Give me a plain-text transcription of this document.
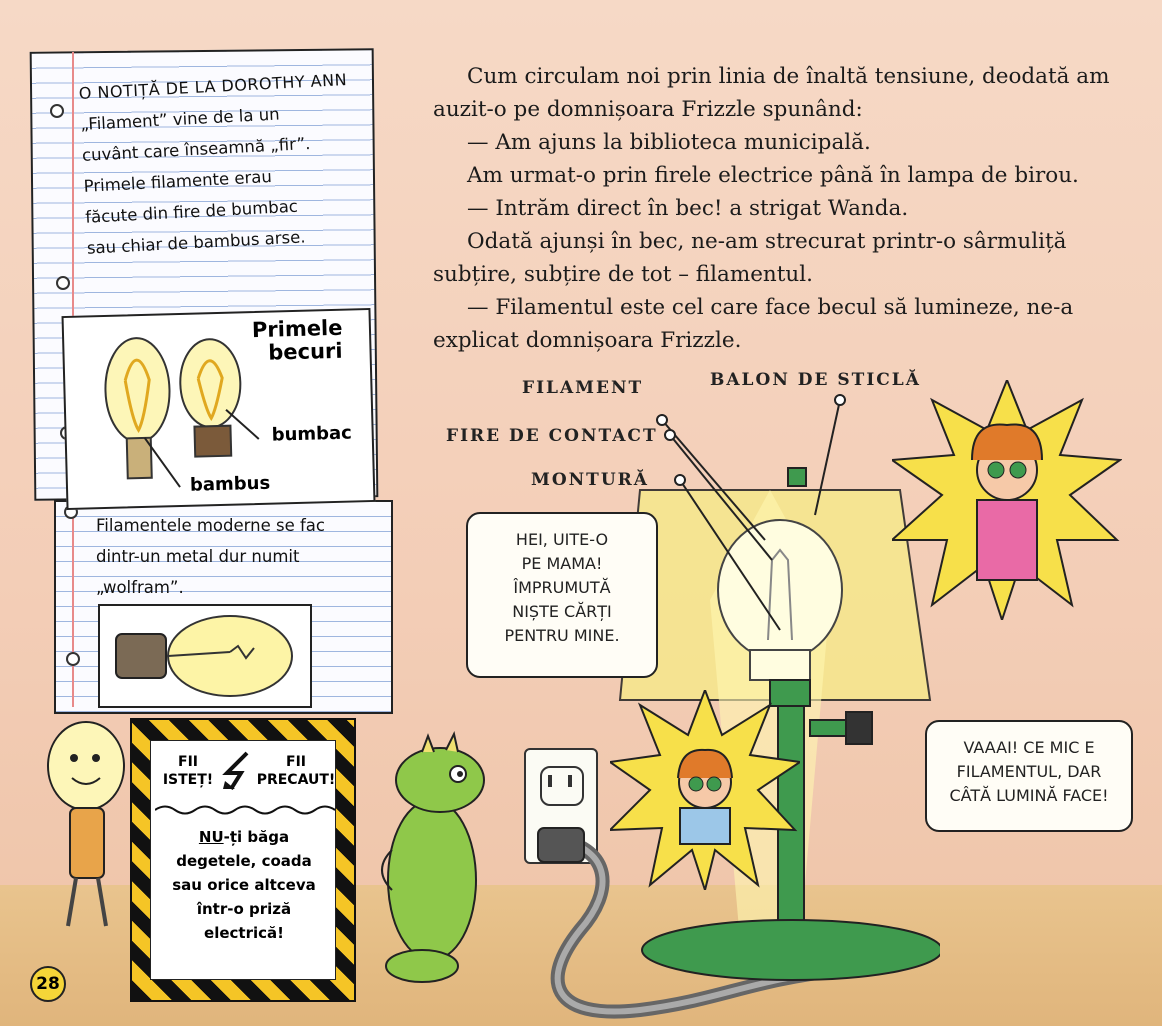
O NOTIȚĂ DE LA DOROTHY ANN
„Filament” vine de la un
cuvânt care înseamnă „fir”.
Primele filamente erau
făcute din fire de bumbac
sau chiar de bambus arse.
Primele
becuri
bumbac
bambus
Filamentele moderne se fac
dintr-un metal dur numit
„wolfram”.

Cum circulam noi prin linia de înaltă tensiune, deodată am auzit-o pe domnișoara Frizzle spunând:

— Am ajuns la biblioteca municipală.

Am urmat-o prin firele electrice până în lampa de birou.

— Intrăm direct în bec! a strigat Wanda.

Odată ajunși în bec, ne-am strecurat printr-o sârmuliță subțire, subțire de tot – filamentul.

— Filamentul este cel care face becul să lumineze, ne-a explicat domnișoara Frizzle.

FILAMENT	BALON DE STICLĂ
FIRE DE CONTACT
MONTURĂ
HEI, UITE-O
PE MAMA!
ÎMPRUMUTĂ
NIȘTE CĂRȚI
PENTRU MINE.
VAAAI! CE MIC E
FILAMENTUL, DAR
CÂTĂ LUMINĂ FACE!
FII
ISTEȚ!
FII
PRECAUT!
NU-ți băga
degetele, coada
sau orice altceva
într-o priză
electrică!
28
